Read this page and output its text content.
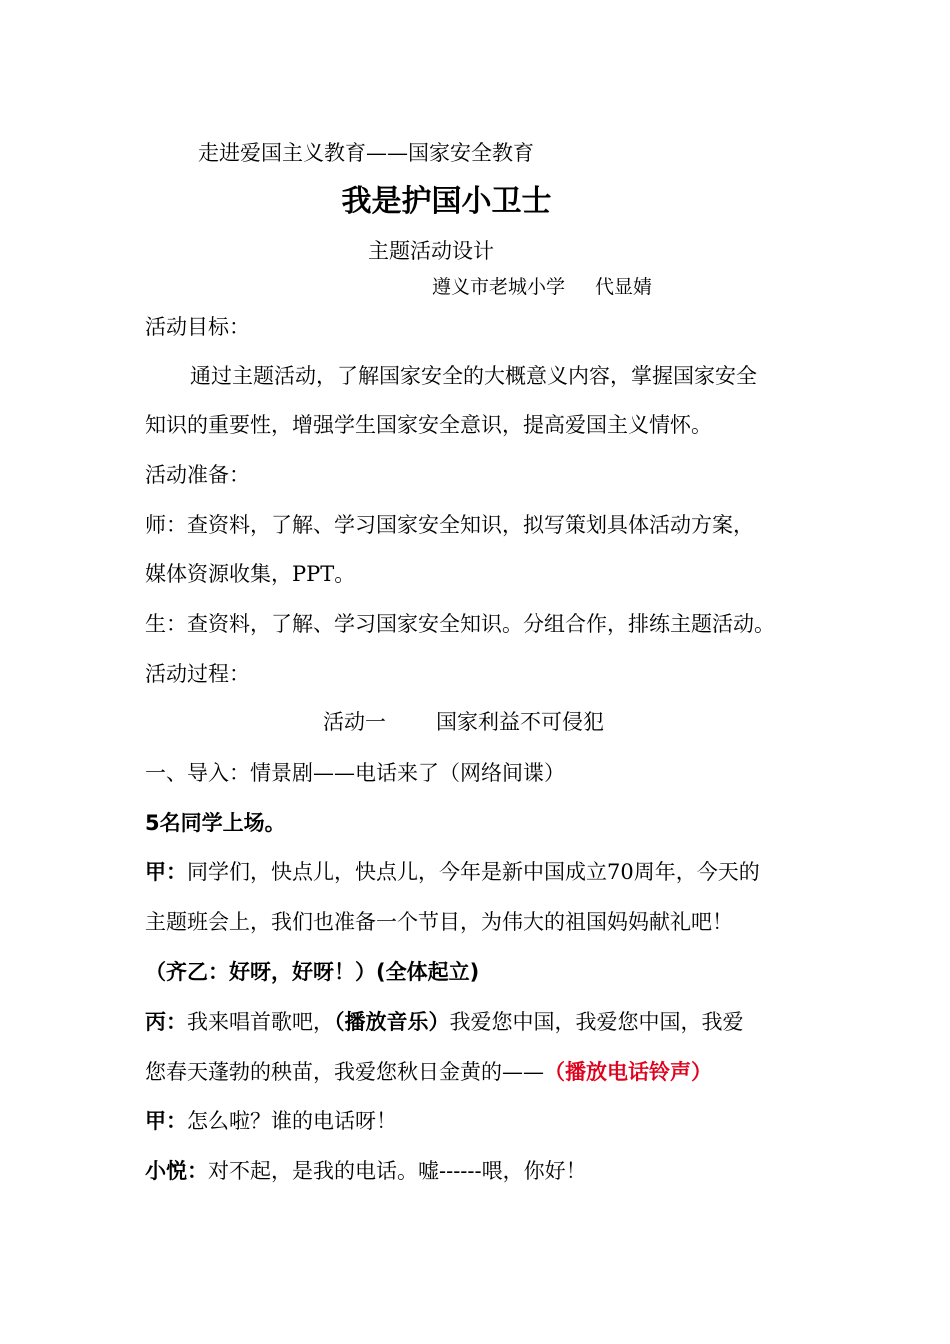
走进爱国主义教育——国家安全教育
我是护国小卫士
主题活动设计
遵义市老城小学 代显婧
活动目标：
通过主题活动，了解国家安全的大概意义内容，掌握国家安全
知识的重要性，增强学生国家安全意识，提高爱国主义情怀。
活动准备：
师：查资料，了解、学习国家安全知识，拟写策划具体活动方案，
媒体资源收集，PPT。
生：查资料，了解、学习国家安全知识。分组合作，排练主题活动。
活动过程：
活动一 国家利益不可侵犯
一、导入：情景剧——电话来了（网络间谍）
5名同学上场。
甲：同学们，快点儿，快点儿，今年是新中国成立70周年，今天的
主题班会上，我们也准备一个节目，为伟大的祖国妈妈献礼吧！
（齐乙：好呀，好呀！）(全体起立)
丙：我来唱首歌吧，（播放音乐）我爱您中国，我爱您中国，我爱
您春天蓬勃的秧苗，我爱您秋日金黄的——（播放电话铃声）
甲：怎么啦？谁的电话呀！
小悦：对不起，是我的电话。嘘------喂，你好！
